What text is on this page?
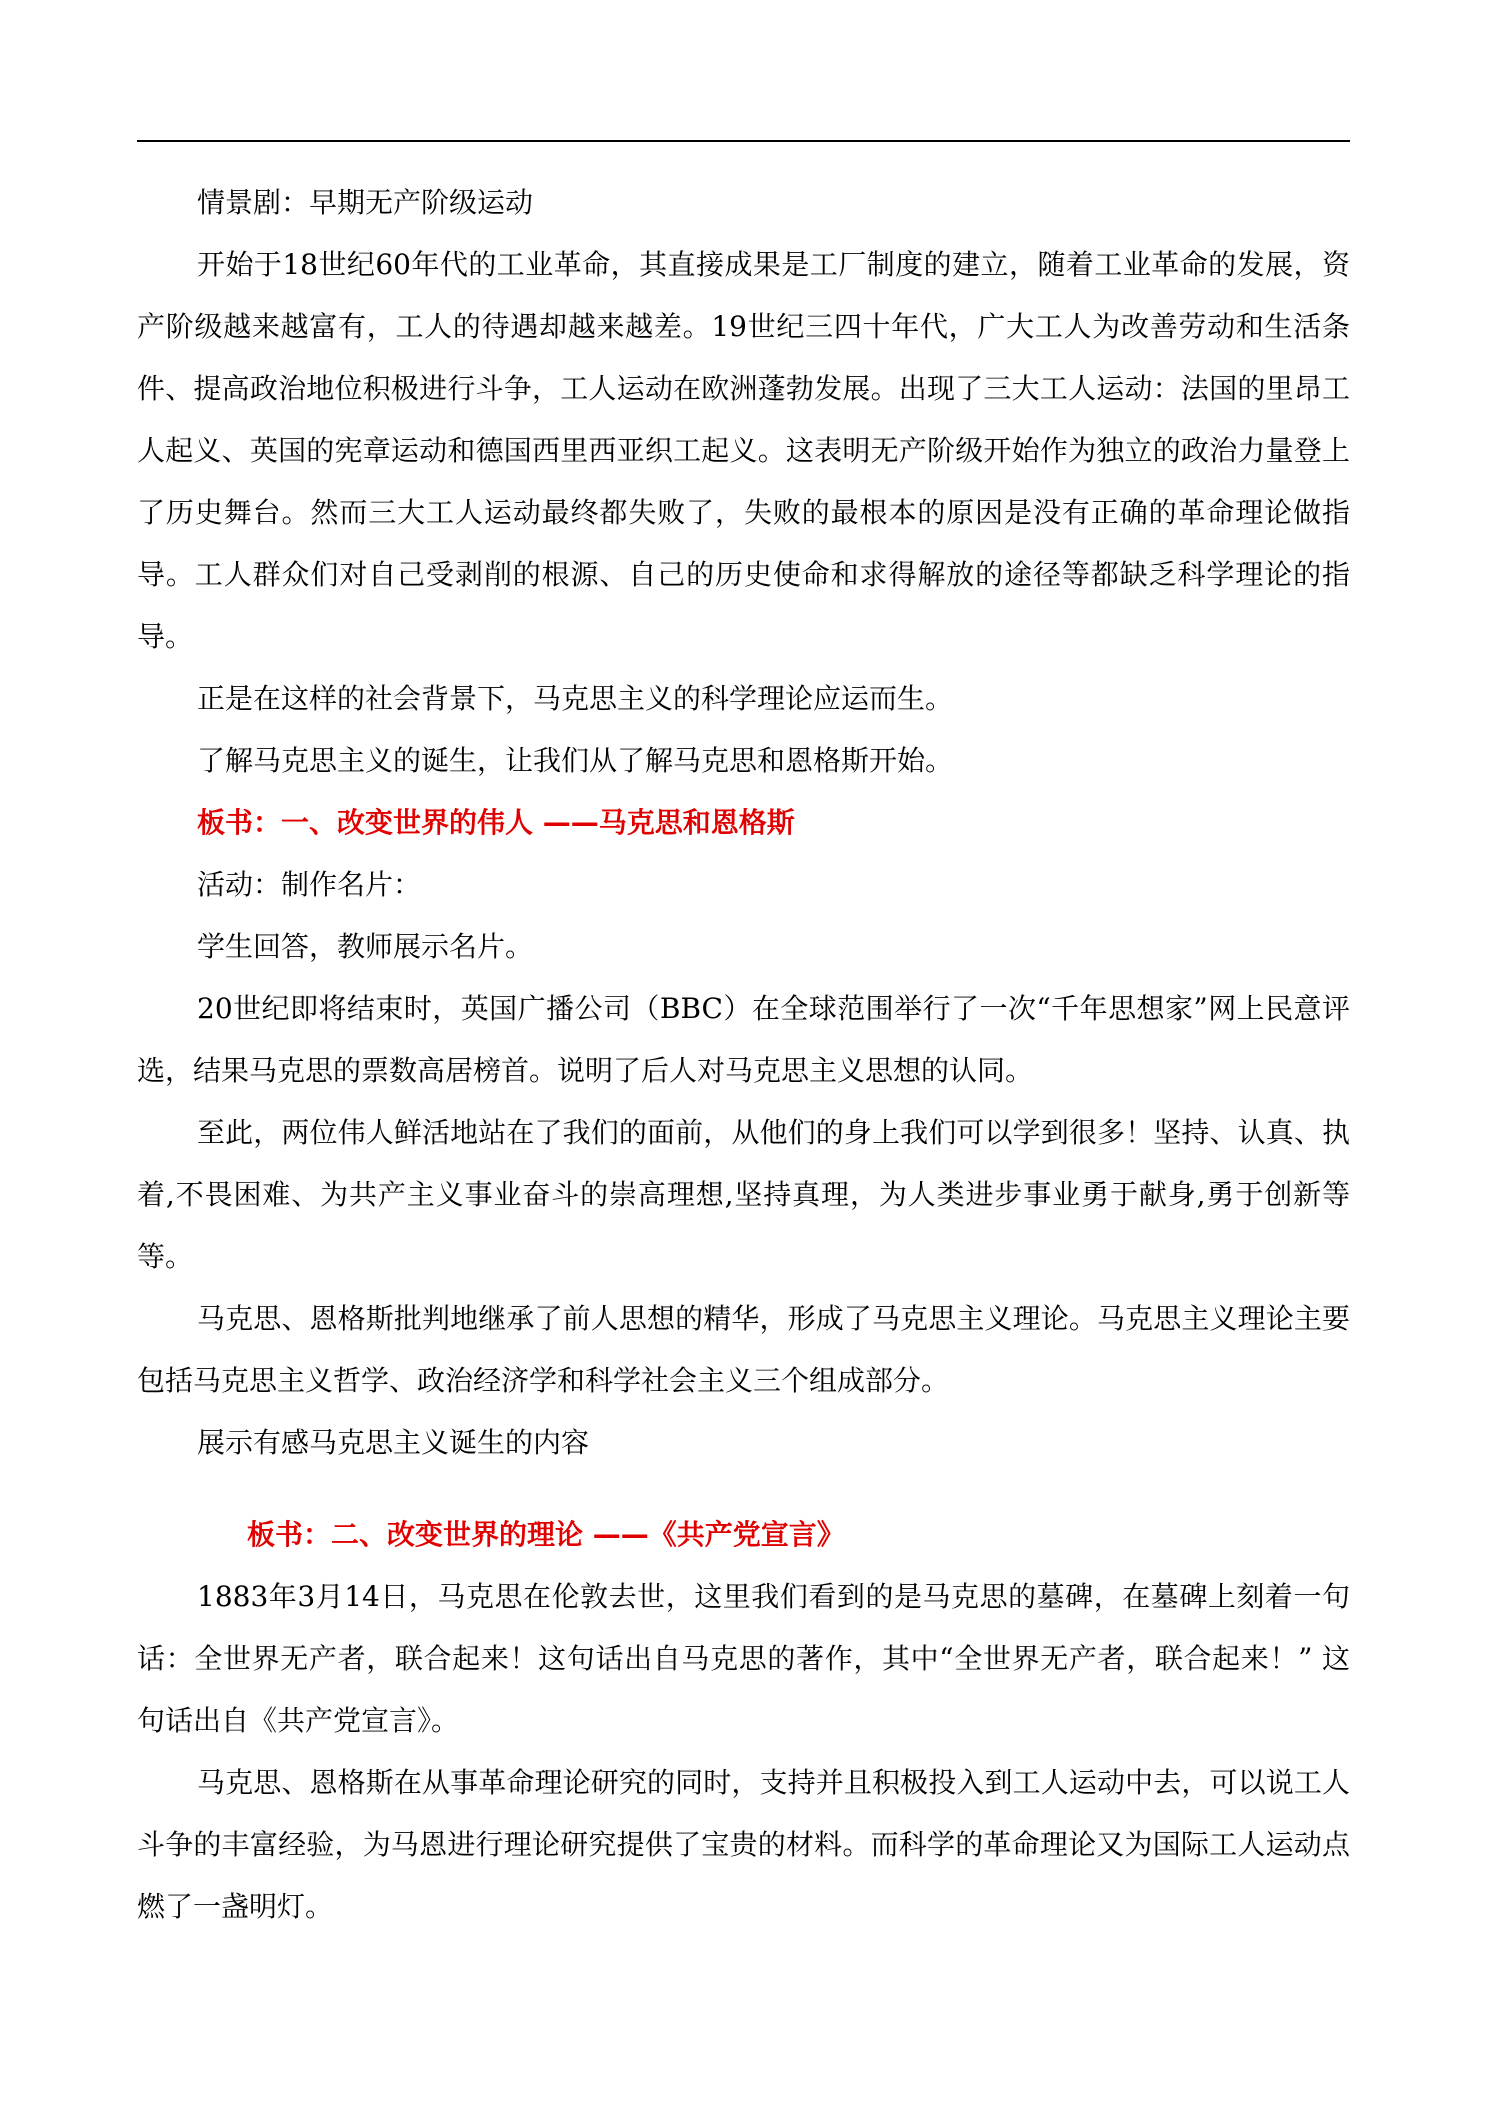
情景剧：早期无产阶级运动

开始于18世纪60年代的工业革命，其直接成果是工厂制度的建立，随着工业革命的发展，资产阶级越来越富有，工人的待遇却越来越差。19世纪三四十年代，广大工人为改善劳动和生活条件、提高政治地位积极进行斗争，工人运动在欧洲蓬勃发展。出现了三大工人运动：法国的里昂工人起义、英国的宪章运动和德国西里西亚织工起义。这表明无产阶级开始作为独立的政治力量登上了历史舞台。然而三大工人运动最终都失败了，失败的最根本的原因是没有正确的革命理论做指导。工人群众们对自己受剥削的根源、自己的历史使命和求得解放的途径等都缺乏科学理论的指导。

正是在这样的社会背景下，马克思主义的科学理论应运而生。

了解马克思主义的诞生，让我们从了解马克思和恩格斯开始。

板书：一、改变世界的伟人 ——马克思和恩格斯

活动：制作名片：

学生回答，教师展示名片。

20世纪即将结束时，英国广播公司（BBC）在全球范围举行了一次“千年思想家”网上民意评选，结果马克思的票数高居榜首。说明了后人对马克思主义思想的认同。

至此，两位伟人鲜活地站在了我们的面前，从他们的身上我们可以学到很多！坚持、认真、执着,不畏困难、为共产主义事业奋斗的崇高理想,坚持真理，为人类进步事业勇于献身,勇于创新等等。

马克思、恩格斯批判地继承了前人思想的精华，形成了马克思主义理论。马克思主义理论主要包括马克思主义哲学、政治经济学和科学社会主义三个组成部分。

展示有感马克思主义诞生的内容

板书：二、改变世界的理论 ——《共产党宣言》

1883年3月14日，马克思在伦敦去世，这里我们看到的是马克思的墓碑，在墓碑上刻着一句话：全世界无产者，联合起来！这句话出自马克思的著作，其中“全世界无产者，联合起来！” 这句话出自《共产党宣言》。

马克思、恩格斯在从事革命理论研究的同时，支持并且积极投入到工人运动中去，可以说工人斗争的丰富经验，为马恩进行理论研究提供了宝贵的材料。而科学的革命理论又为国际工人运动点燃了一盏明灯。
